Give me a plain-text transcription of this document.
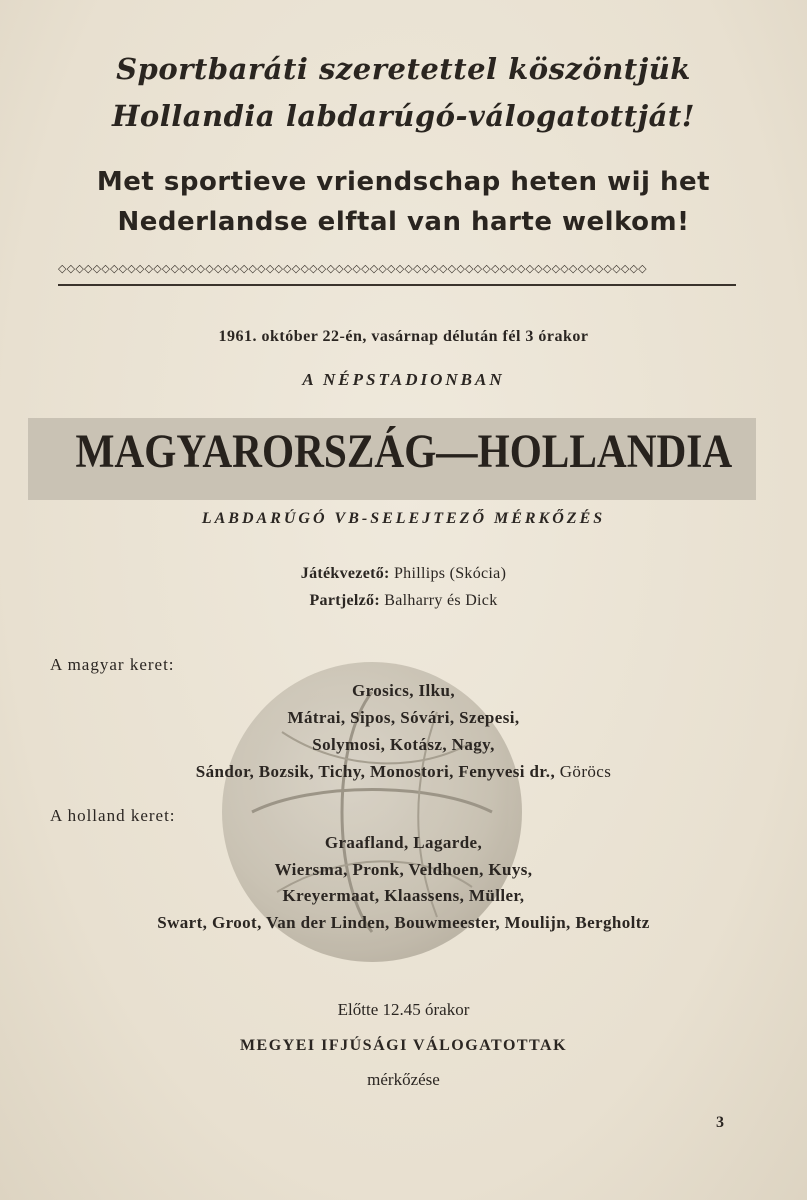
Sportbaráti szeretettel köszöntjük
Hollandia labdarúgó-válogatottját!
Met sportieve vriendschap heten wij het
Nederlandse elftal van harte welkom!
◇◇◇◇◇◇◇◇◇◇◇◇◇◇◇◇◇◇◇◇◇◇◇◇◇◇◇◇◇◇◇◇◇◇◇◇◇◇◇◇◇◇◇◇◇◇◇◇◇◇◇◇◇◇◇◇◇◇◇◇◇◇◇◇◇◇◇◇
1961. október 22-én, vasárnap délután fél 3 órakor
A NÉPSTADIONBAN
MAGYARORSZÁG—HOLLANDIA
LABDARÚGÓ VB-SELEJTEZŐ MÉRKŐZÉS
Játékvezető: Phillips (Skócia)
Partjelző: Balharry és Dick
A magyar keret:
Grosics, Ilku,
Mátrai, Sipos, Sóvári, Szepesi,
Solymosi, Kotász, Nagy,
Sándor, Bozsik, Tichy, Monostori, Fenyvesi dr., Göröcs
A holland keret:
Graafland, Lagarde,
Wiersma, Pronk, Veldhoen, Kuys,
Kreyermaat, Klaassens, Müller,
Swart, Groot, Van der Linden, Bouwmeester, Moulijn, Bergholtz
Előtte 12.45 órakor
MEGYEI IFJÚSÁGI VÁLOGATOTTAK
mérkőzése
3
